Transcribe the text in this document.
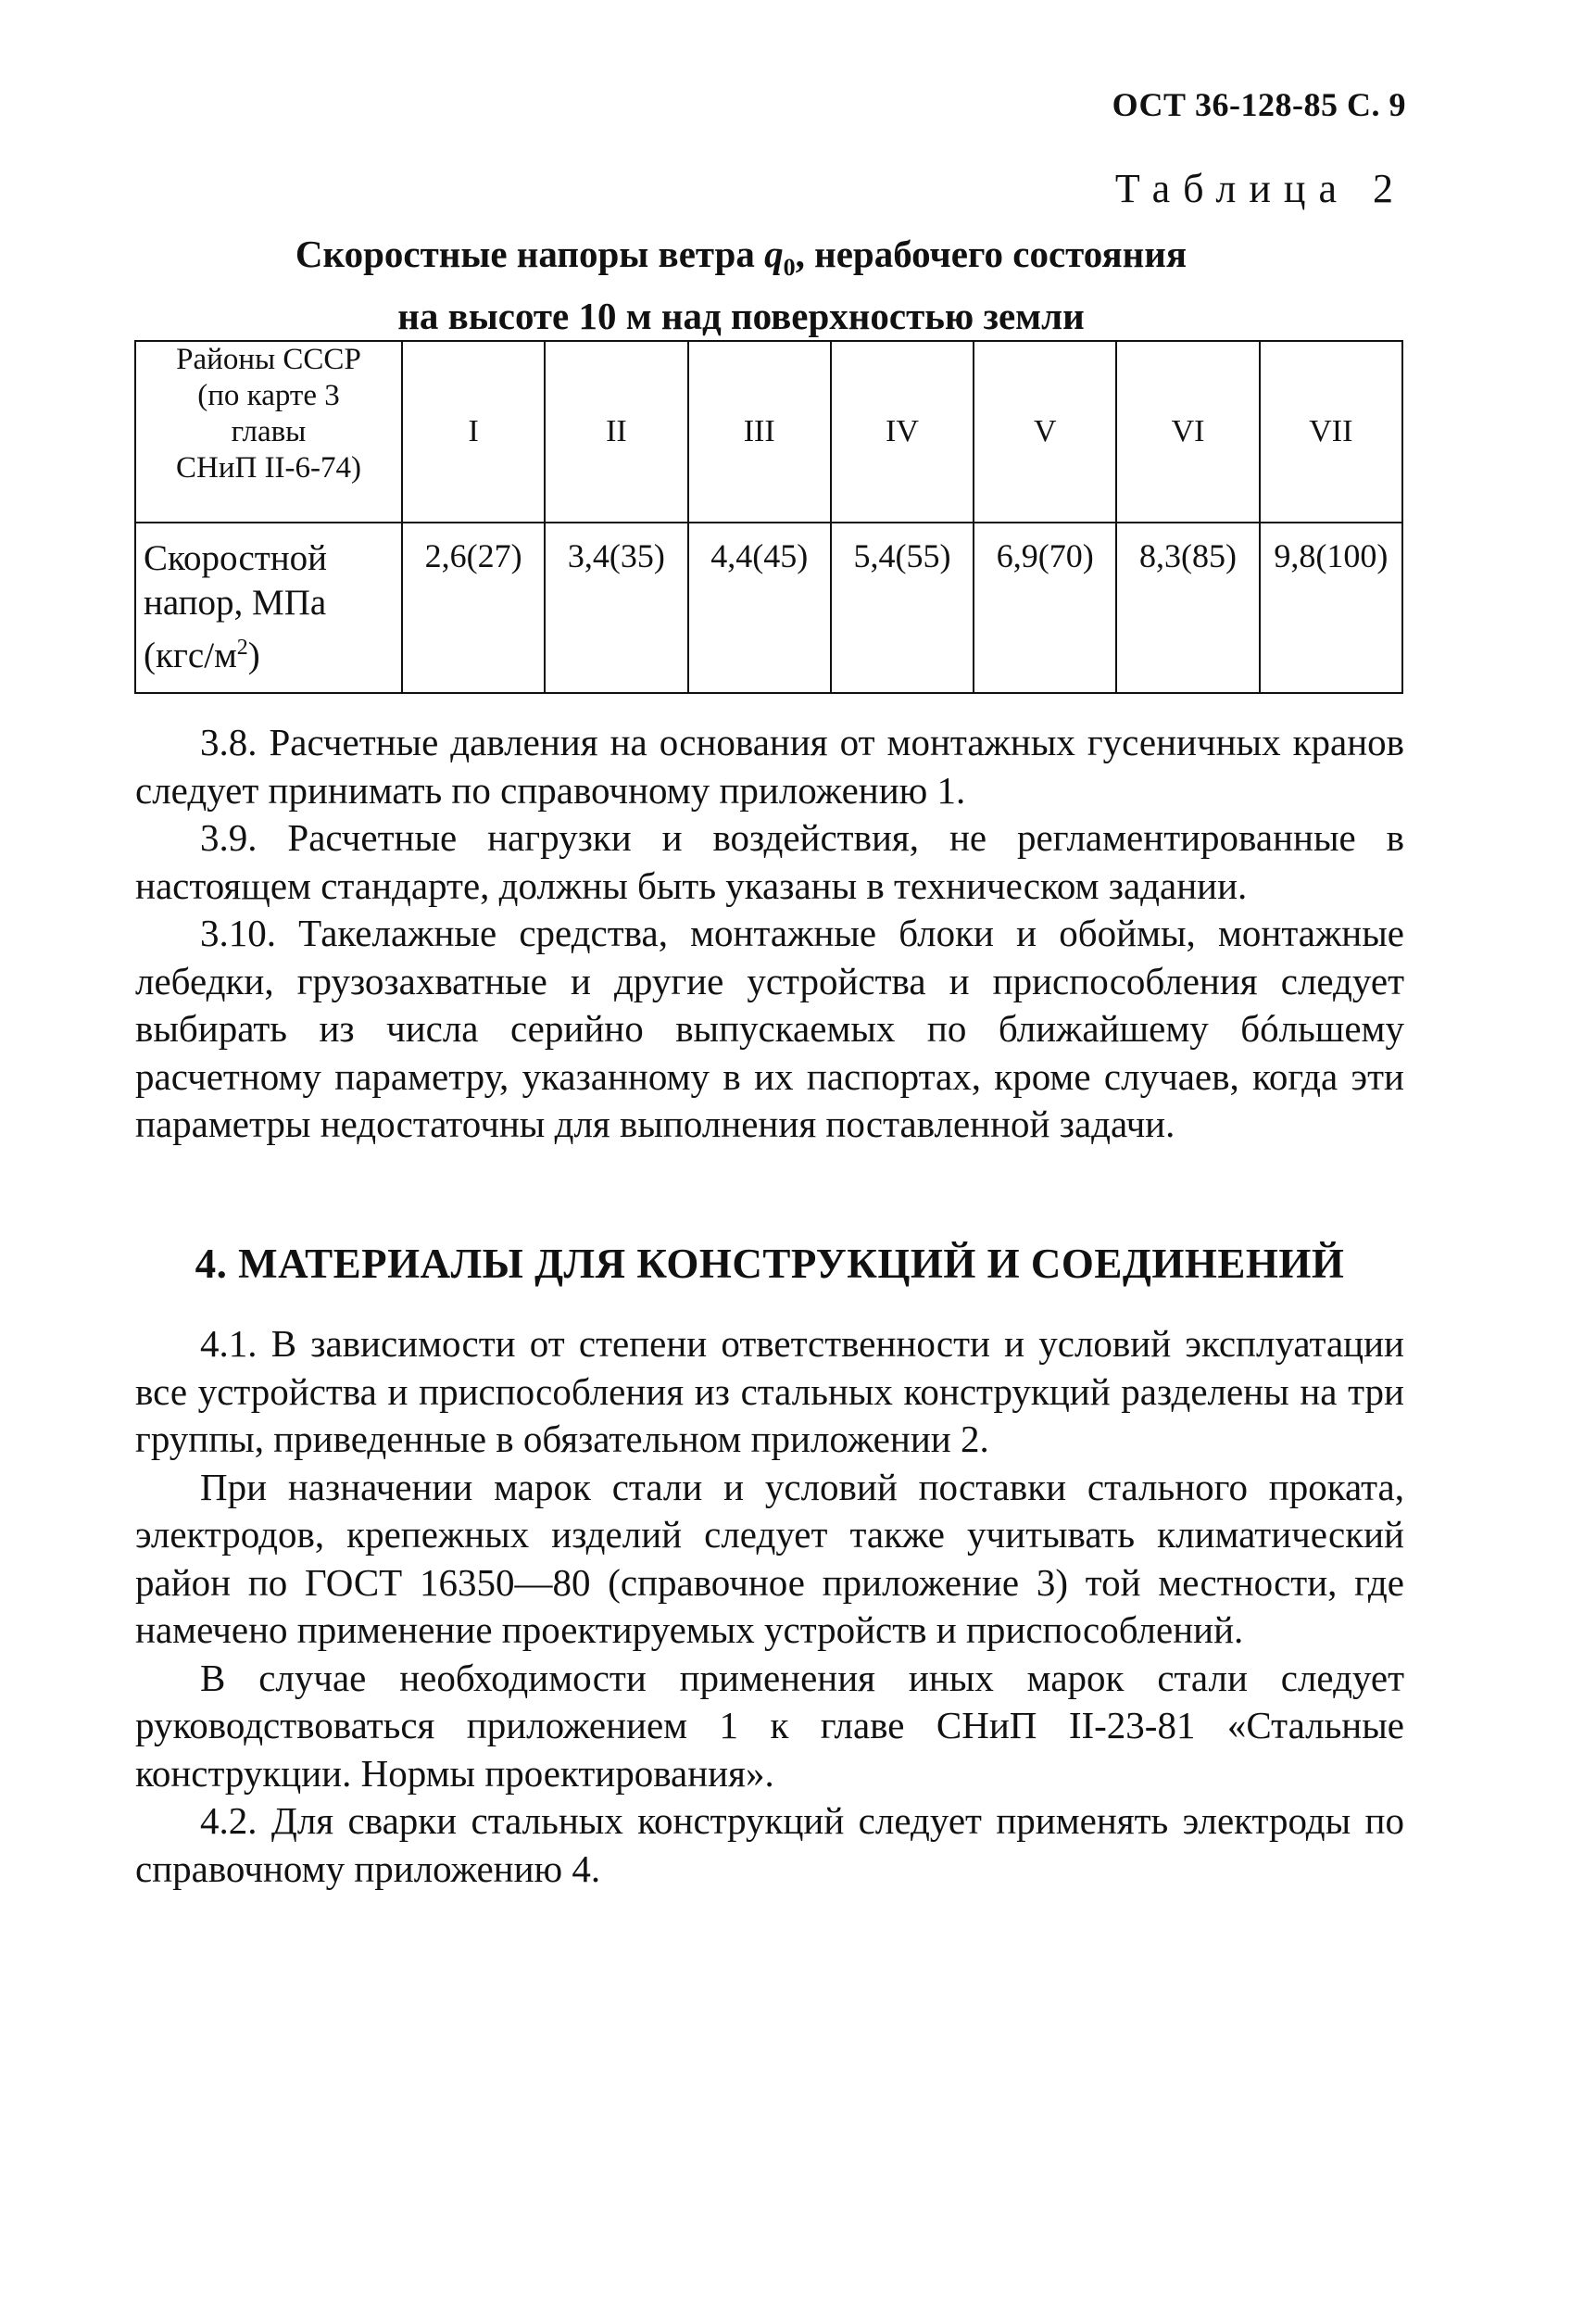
ОСТ 36-128-85 С. 9
Таблица 2
Скоростные напоры ветра $q_0$, нерабочего состояния
на высоте 10 м над поверхностью земли
Районы СССР
(по карте 3
главы
СНиП II-6-74)	I	II	III	IV	V	VI	VII

Скоростной
напор, МПа
$(кгс/м^2)$	2,6(27)	3,4(35)	4,4(45)	5,4(55)	6,9(70)	8,3(85)	9,8(100)

3.8. Расчетные давления на основания от монтажных гусеничных кранов следует принимать по справочному приложению 1.

3.9. Расчетные нагрузки и воздействия, не регламентированные в настоящем стандарте, должны быть указаны в техническом задании.

3.10. Такелажные средства, монтажные блоки и обоймы, монтажные лебедки, грузозахватные и другие устройства и приспособления следует выбирать из числа серийно выпускаемых по ближайшему бóльшему расчетному параметру, указанному в их паспортах, кроме случаев, когда эти параметры недостаточны для выполнения поставленной задачи.

4. МАТЕРИАЛЫ ДЛЯ КОНСТРУКЦИЙ И СОЕДИНЕНИЙ

4.1. В зависимости от степени ответственности и условий эксплуатации все устройства и приспособления из стальных конструкций разделены на три группы, приведенные в обязательном приложении 2.

При назначении марок стали и условий поставки стального проката, электродов, крепежных изделий следует также учитывать климатический район по ГОСТ 16350—80 (справочное приложение 3) той местности, где намечено применение проектируемых устройств и приспособлений.

В случае необходимости применения иных марок стали следует руководствоваться приложением 1 к главе СНиП II-23-81 «Стальные конструкции. Нормы проектирования».

4.2. Для сварки стальных конструкций следует применять электроды по справочному приложению 4.
